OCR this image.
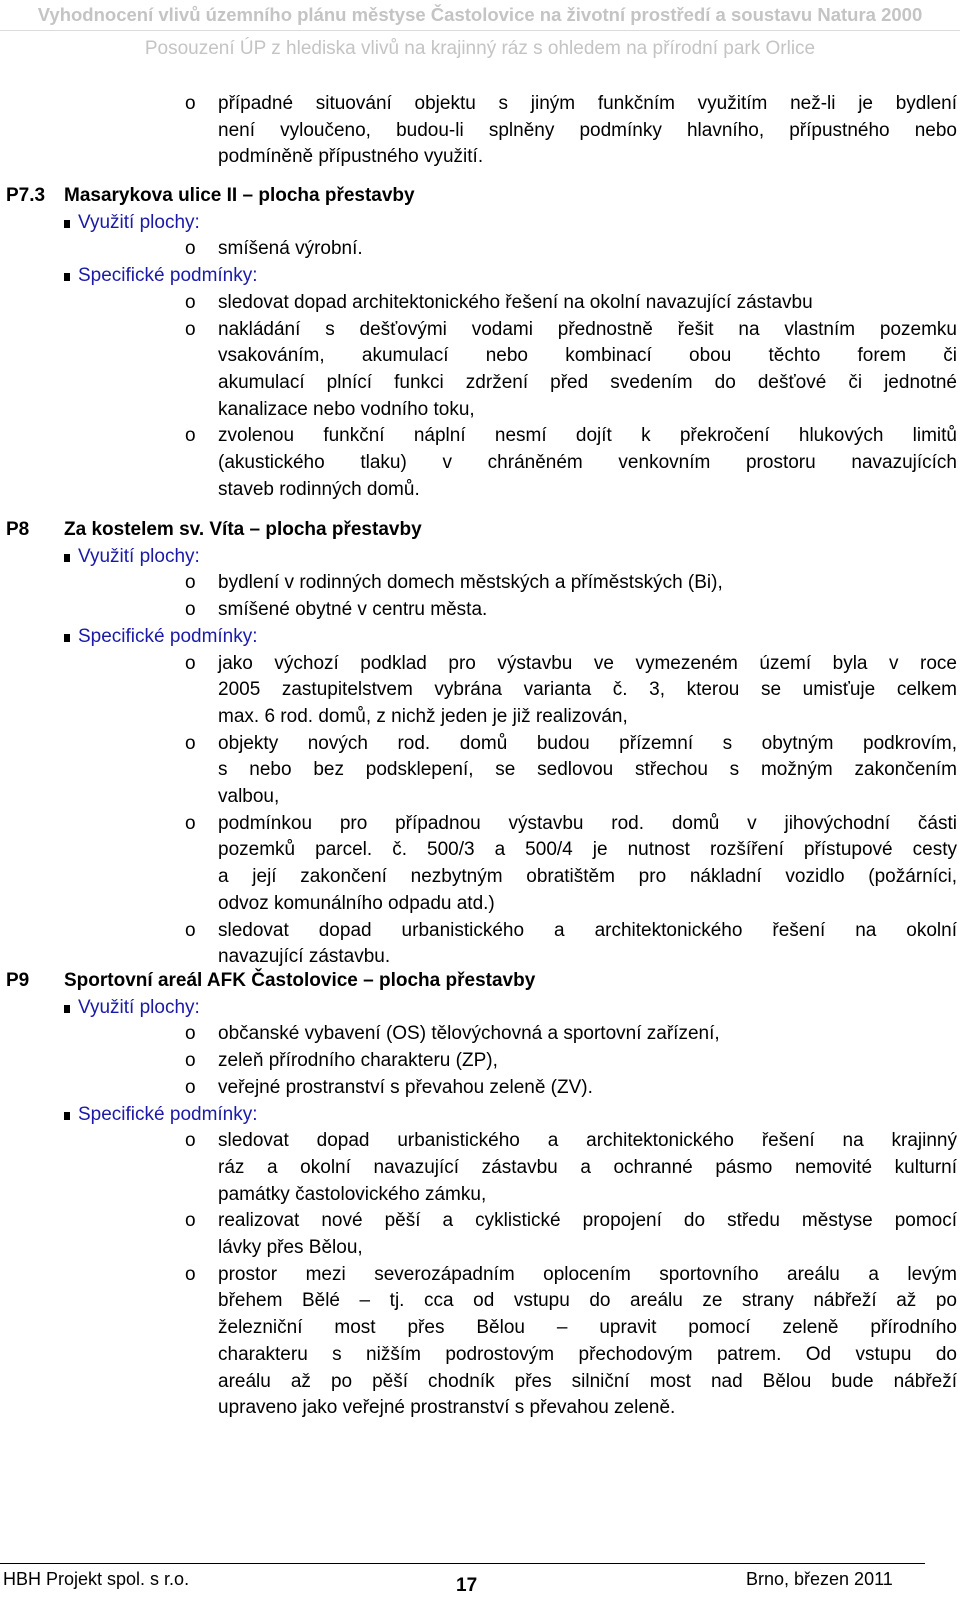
Vyhodnocení vlivů územního plánu městyse Častolovice na životní prostředí a soustavu Natura 2000
Posouzení ÚP z hlediska vlivů na krajinný ráz s ohledem na přírodní park Orlice
o případné situování objektu s jiným funkčním využitím než-li je bydlení
není vyloučeno, budou-li splněny podmínky hlavního, přípustného nebo
podmíněně přípustného využití.
P7.3 Masarykova ulice II – plocha přestavby
Využití plochy:
o smíšená výrobní.
Specifické podmínky:
o sledovat dopad architektonického řešení na okolní navazující zástavbu
o nakládání s dešťovými vodami přednostně řešit na vlastním pozemku
vsakováním, akumulací nebo kombinací obou těchto forem či
akumulací plnící funkci zdržení před svedením do dešťové či jednotné
kanalizace nebo vodního toku,
o zvolenou funkční náplní nesmí dojít k překročení hlukových limitů
(akustického tlaku) v chráněném venkovním prostoru navazujících
staveb rodinných domů.
P8 Za kostelem sv. Víta – plocha přestavby
Využití plochy:
o bydlení v rodinných domech městských a příměstských (Bi),
o smíšené obytné v centru města.
Specifické podmínky:
o jako výchozí podklad pro výstavbu ve vymezeném území byla v roce
2005 zastupitelstvem vybrána varianta č. 3, kterou se umisťuje celkem
max. 6 rod. domů, z nichž jeden je již realizován,
o objekty nových rod. domů budou přízemní s obytným podkrovím,
s nebo bez podsklepení, se sedlovou střechou s možným zakončením
valbou,
o podmínkou pro případnou výstavbu rod. domů v jihovýchodní části
pozemků parcel. č. 500/3 a 500/4 je nutnost rozšíření přístupové cesty
a její zakončení nezbytným obratištěm pro nákladní vozidlo (požárníci,
odvoz komunálního odpadu atd.)
o sledovat dopad urbanistického a architektonického řešení na okolní
navazující zástavbu.
P9 Sportovní areál AFK Častolovice – plocha přestavby
Využití plochy:
o občanské vybavení (OS) tělovýchovná a sportovní zařízení,
o zeleň přírodního charakteru (ZP),
o veřejné prostranství s převahou zeleně (ZV).
Specifické podmínky:
o sledovat dopad urbanistického a architektonického řešení na krajinný
ráz a okolní navazující zástavbu a ochranné pásmo nemovité kulturní
památky častolovického zámku,
o realizovat nové pěší a cyklistické propojení do středu městyse pomocí
lávky přes Bělou,
o prostor mezi severozápadním oplocením sportovního areálu a levým
břehem Bělé – tj. cca od vstupu do areálu ze strany nábřeží až po
železniční most přes Bělou – upravit pomocí zeleně přírodního
charakteru s nižším podrostovým přechodovým patrem. Od vstupu do
areálu až po pěší chodník přes silniční most nad Bělou bude nábřeží
upraveno jako veřejné prostranství s převahou zeleně.
HBH Projekt spol. s r.o.	17	Brno, březen 2011
